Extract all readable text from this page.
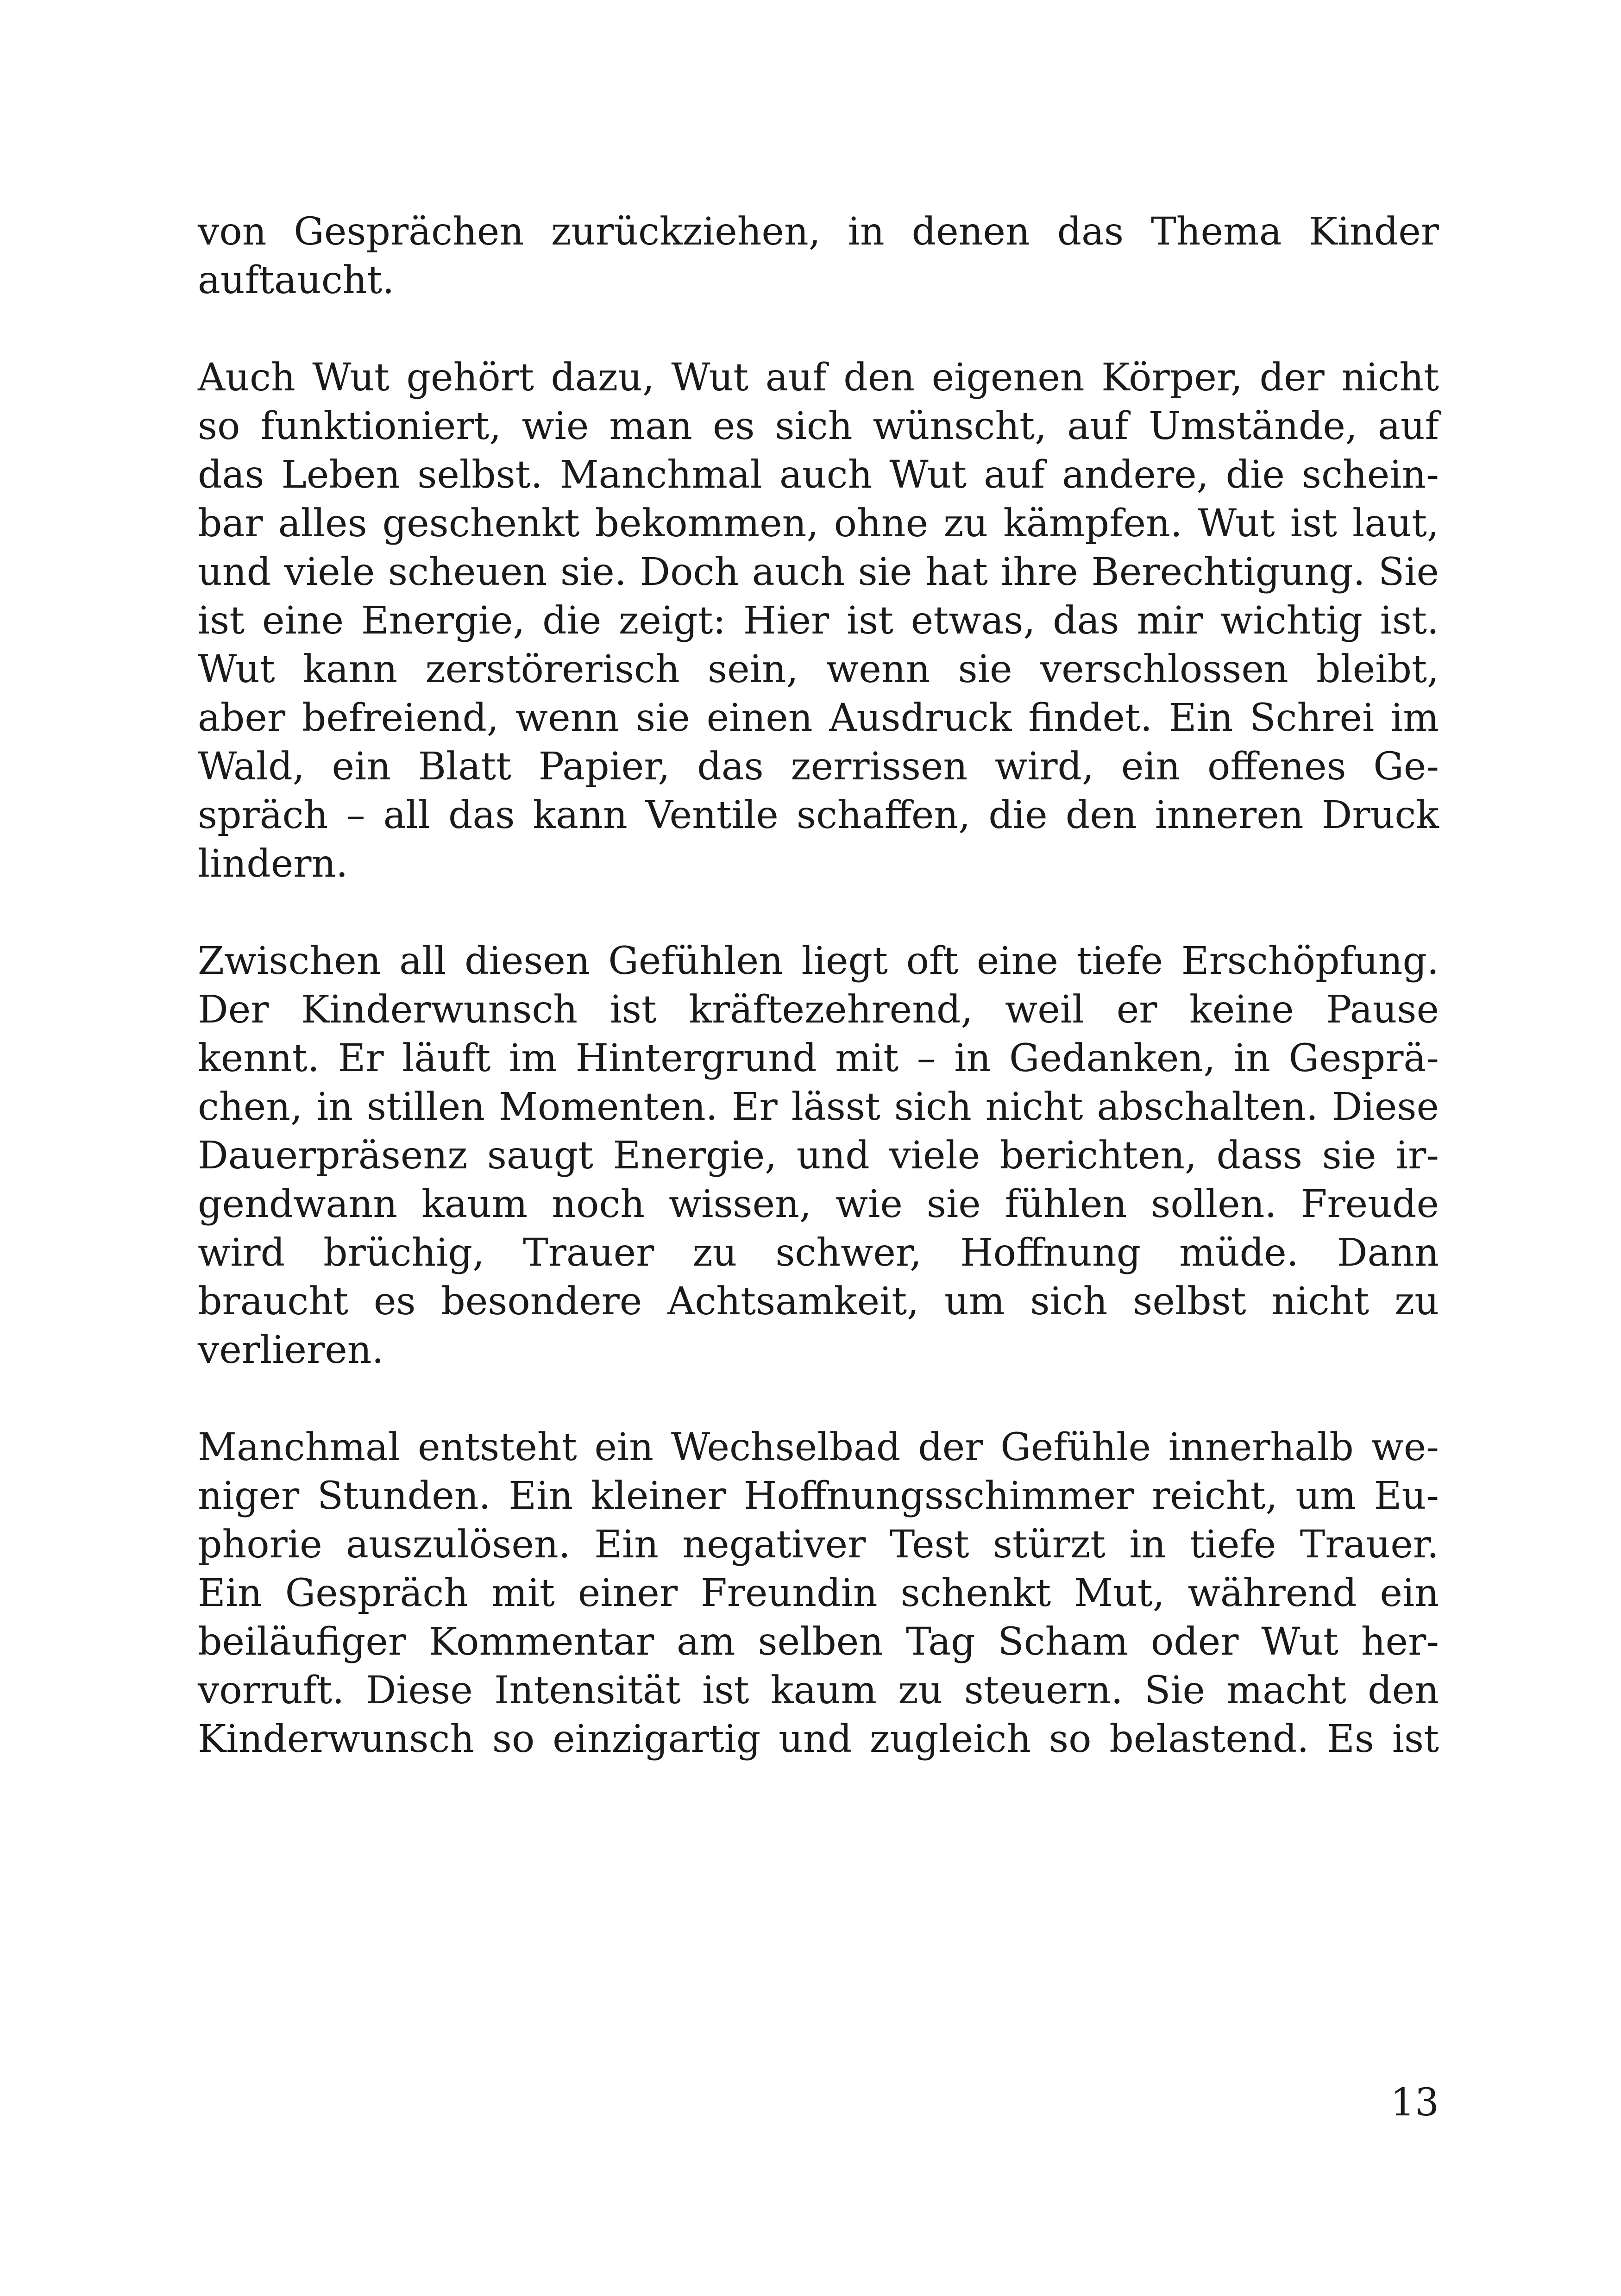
von Gesprächen zurückziehen, in denen das Thema Kinder
auftaucht.
Auch Wut gehört dazu, Wut auf den eigenen Körper, der nicht
so funktioniert, wie man es sich wünscht, auf Umstände, auf
das Leben selbst. Manchmal auch Wut auf andere, die schein-
bar alles geschenkt bekommen, ohne zu kämpfen. Wut ist laut,
und viele scheuen sie. Doch auch sie hat ihre Berechtigung. Sie
ist eine Energie, die zeigt: Hier ist etwas, das mir wichtig ist.
Wut kann zerstörerisch sein, wenn sie verschlossen bleibt,
aber befreiend, wenn sie einen Ausdruck findet. Ein Schrei im
Wald, ein Blatt Papier, das zerrissen wird, ein offenes Ge-
spräch – all das kann Ventile schaffen, die den inneren Druck
lindern.
Zwischen all diesen Gefühlen liegt oft eine tiefe Erschöpfung.
Der Kinderwunsch ist kräftezehrend, weil er keine Pause
kennt. Er läuft im Hintergrund mit – in Gedanken, in Gesprä-
chen, in stillen Momenten. Er lässt sich nicht abschalten. Diese
Dauerpräsenz saugt Energie, und viele berichten, dass sie ir-
gendwann kaum noch wissen, wie sie fühlen sollen. Freude
wird brüchig, Trauer zu schwer, Hoffnung müde. Dann
braucht es besondere Achtsamkeit, um sich selbst nicht zu
verlieren.
Manchmal entsteht ein Wechselbad der Gefühle innerhalb we-
niger Stunden. Ein kleiner Hoffnungsschimmer reicht, um Eu-
phorie auszulösen. Ein negativer Test stürzt in tiefe Trauer.
Ein Gespräch mit einer Freundin schenkt Mut, während ein
beiläufiger Kommentar am selben Tag Scham oder Wut her-
vorruft. Diese Intensität ist kaum zu steuern. Sie macht den
Kinderwunsch so einzigartig und zugleich so belastend. Es ist
13
